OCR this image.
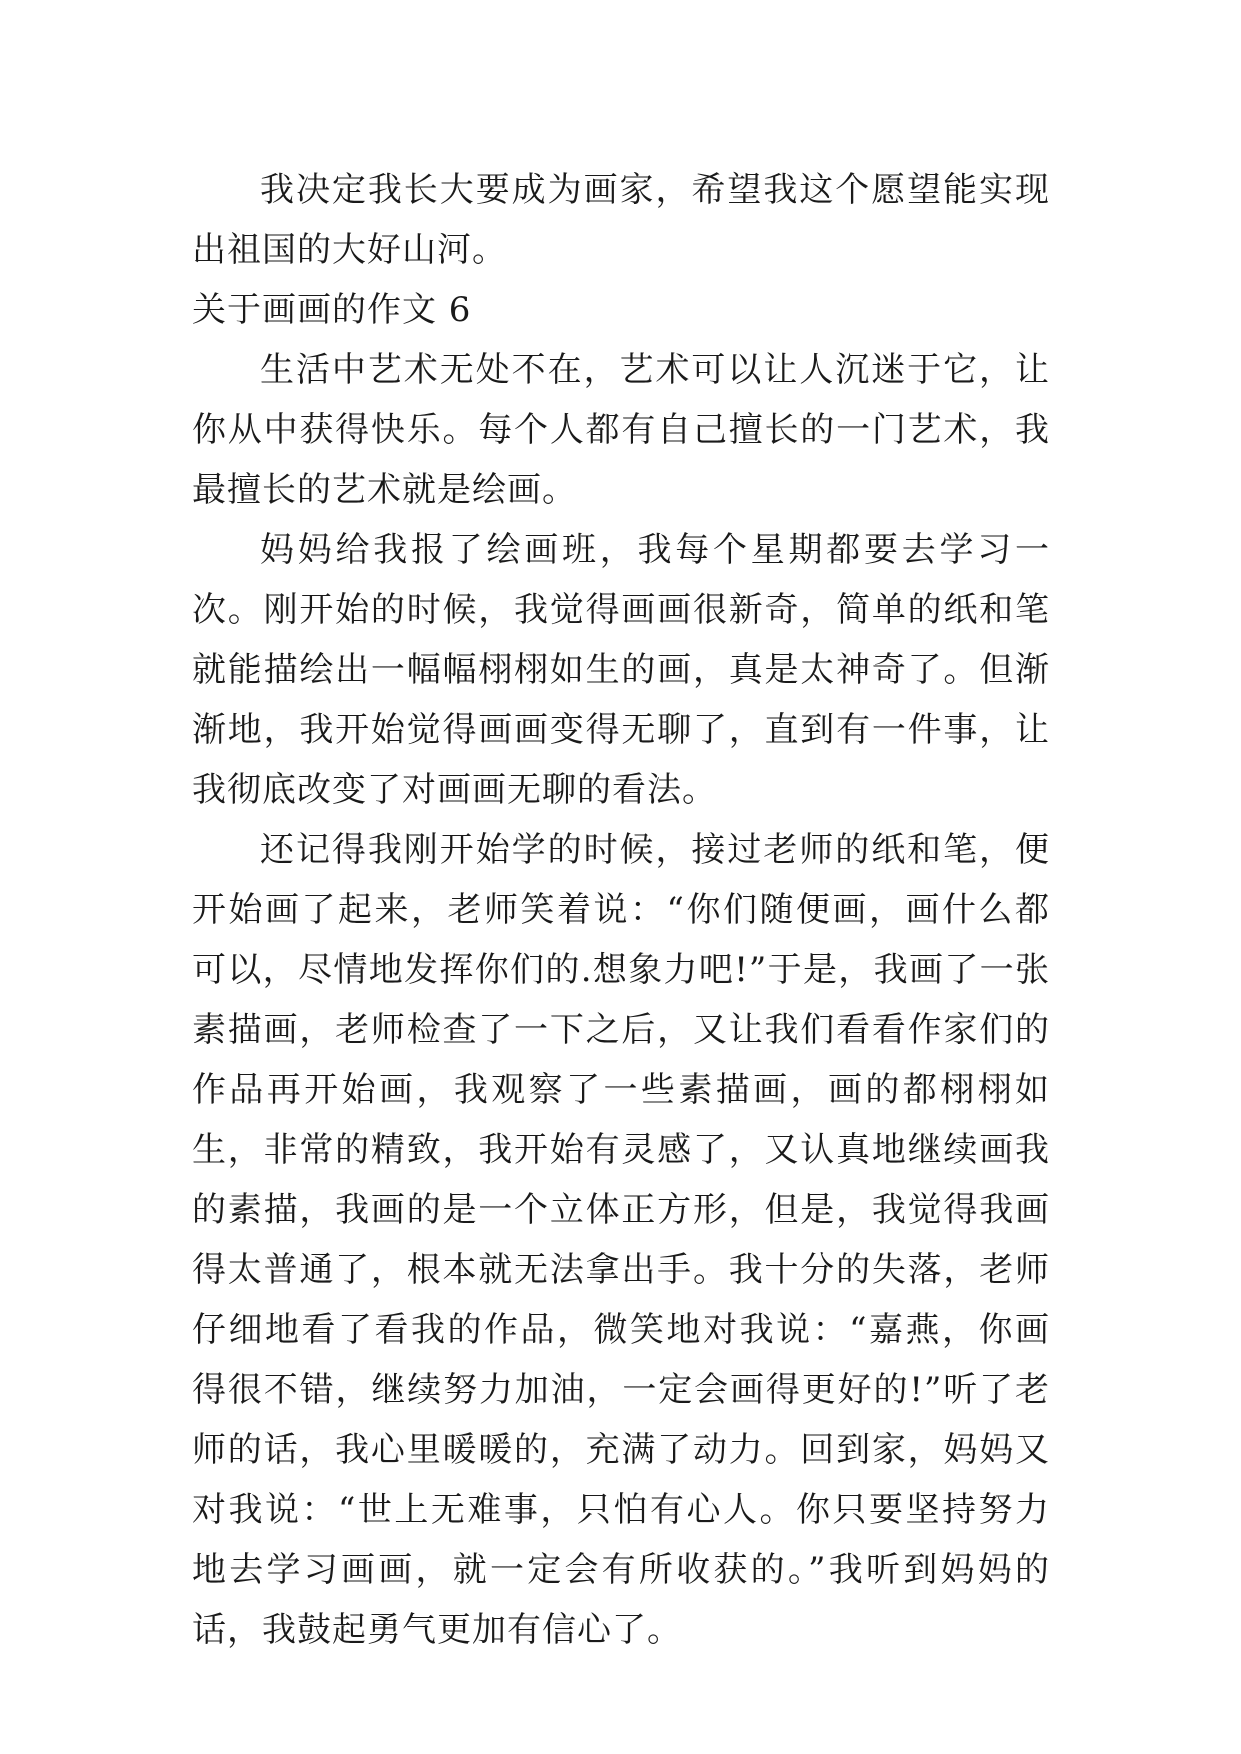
我决定我长大要成为画家，希望我这个愿望能实现出祖国的大好山河。

关于画画的作文 6

生活中艺术无处不在，艺术可以让人沉迷于它，让你从中获得快乐。每个人都有自己擅长的一门艺术，我最擅长的艺术就是绘画。

妈妈给我报了绘画班，我每个星期都要去学习一次。刚开始的时候，我觉得画画很新奇，简单的纸和笔就能描绘出一幅幅栩栩如生的画，真是太神奇了。但渐渐地，我开始觉得画画变得无聊了，直到有一件事，让我彻底改变了对画画无聊的看法。

还记得我刚开始学的时候，接过老师的纸和笔，便开始画了起来，老师笑着说：“你们随便画，画什么都可以，尽情地发挥你们的.想象力吧!”于是，我画了一张素描画，老师检查了一下之后，又让我们看看作家们的作品再开始画，我观察了一些素描画，画的都栩栩如生，非常的精致，我开始有灵感了，又认真地继续画我的素描，我画的是一个立体正方形，但是，我觉得我画得太普通了，根本就无法拿出手。我十分的失落，老师仔细地看了看我的作品，微笑地对我说：“嘉燕，你画得很不错，继续努力加油，一定会画得更好的!”听了老师的话，我心里暖暖的，充满了动力。回到家，妈妈又对我说：“世上无难事，只怕有心人。你只要坚持努力地去学习画画，就一定会有所收获的。”我听到妈妈的话，我鼓起勇气更加有信心了。
